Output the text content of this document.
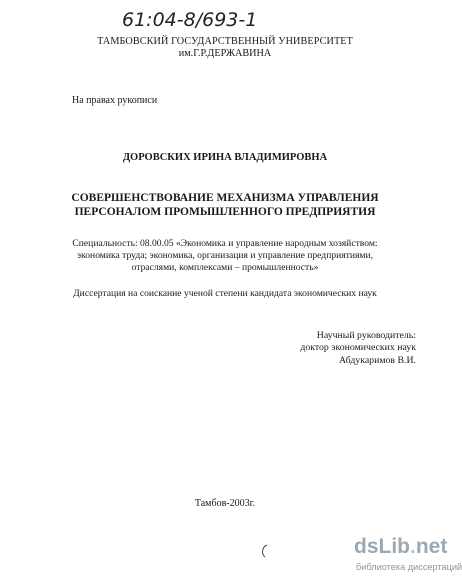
61:04-8/693-1
ТАМБОВСКИЙ ГОСУДАРСТВЕННЫЙ УНИВЕРСИТЕТ
им.Г.Р.ДЕРЖАВИНА
На правах рукописи
ДОРОВСКИХ ИРИНА ВЛАДИМИРОВНА
СОВЕРШЕНСТВОВАНИЕ МЕХАНИЗМА УПРАВЛЕНИЯ
ПЕРСОНАЛОМ ПРОМЫШЛЕННОГО ПРЕДПРИЯТИЯ
Специальность: 08.00.05 «Экономика и управление народным хозяйством:
экономика труда; экономика, организация и управление предприятиями,
отраслями, комплексами – промышленность»
Диссертация на соискание ученой степени кандидата экономических наук
Научный руководитель:
доктор экономических наук
Абдукаримов В.И.
Тамбов-2003г.
dsLib.net
библиотека диссертаций
